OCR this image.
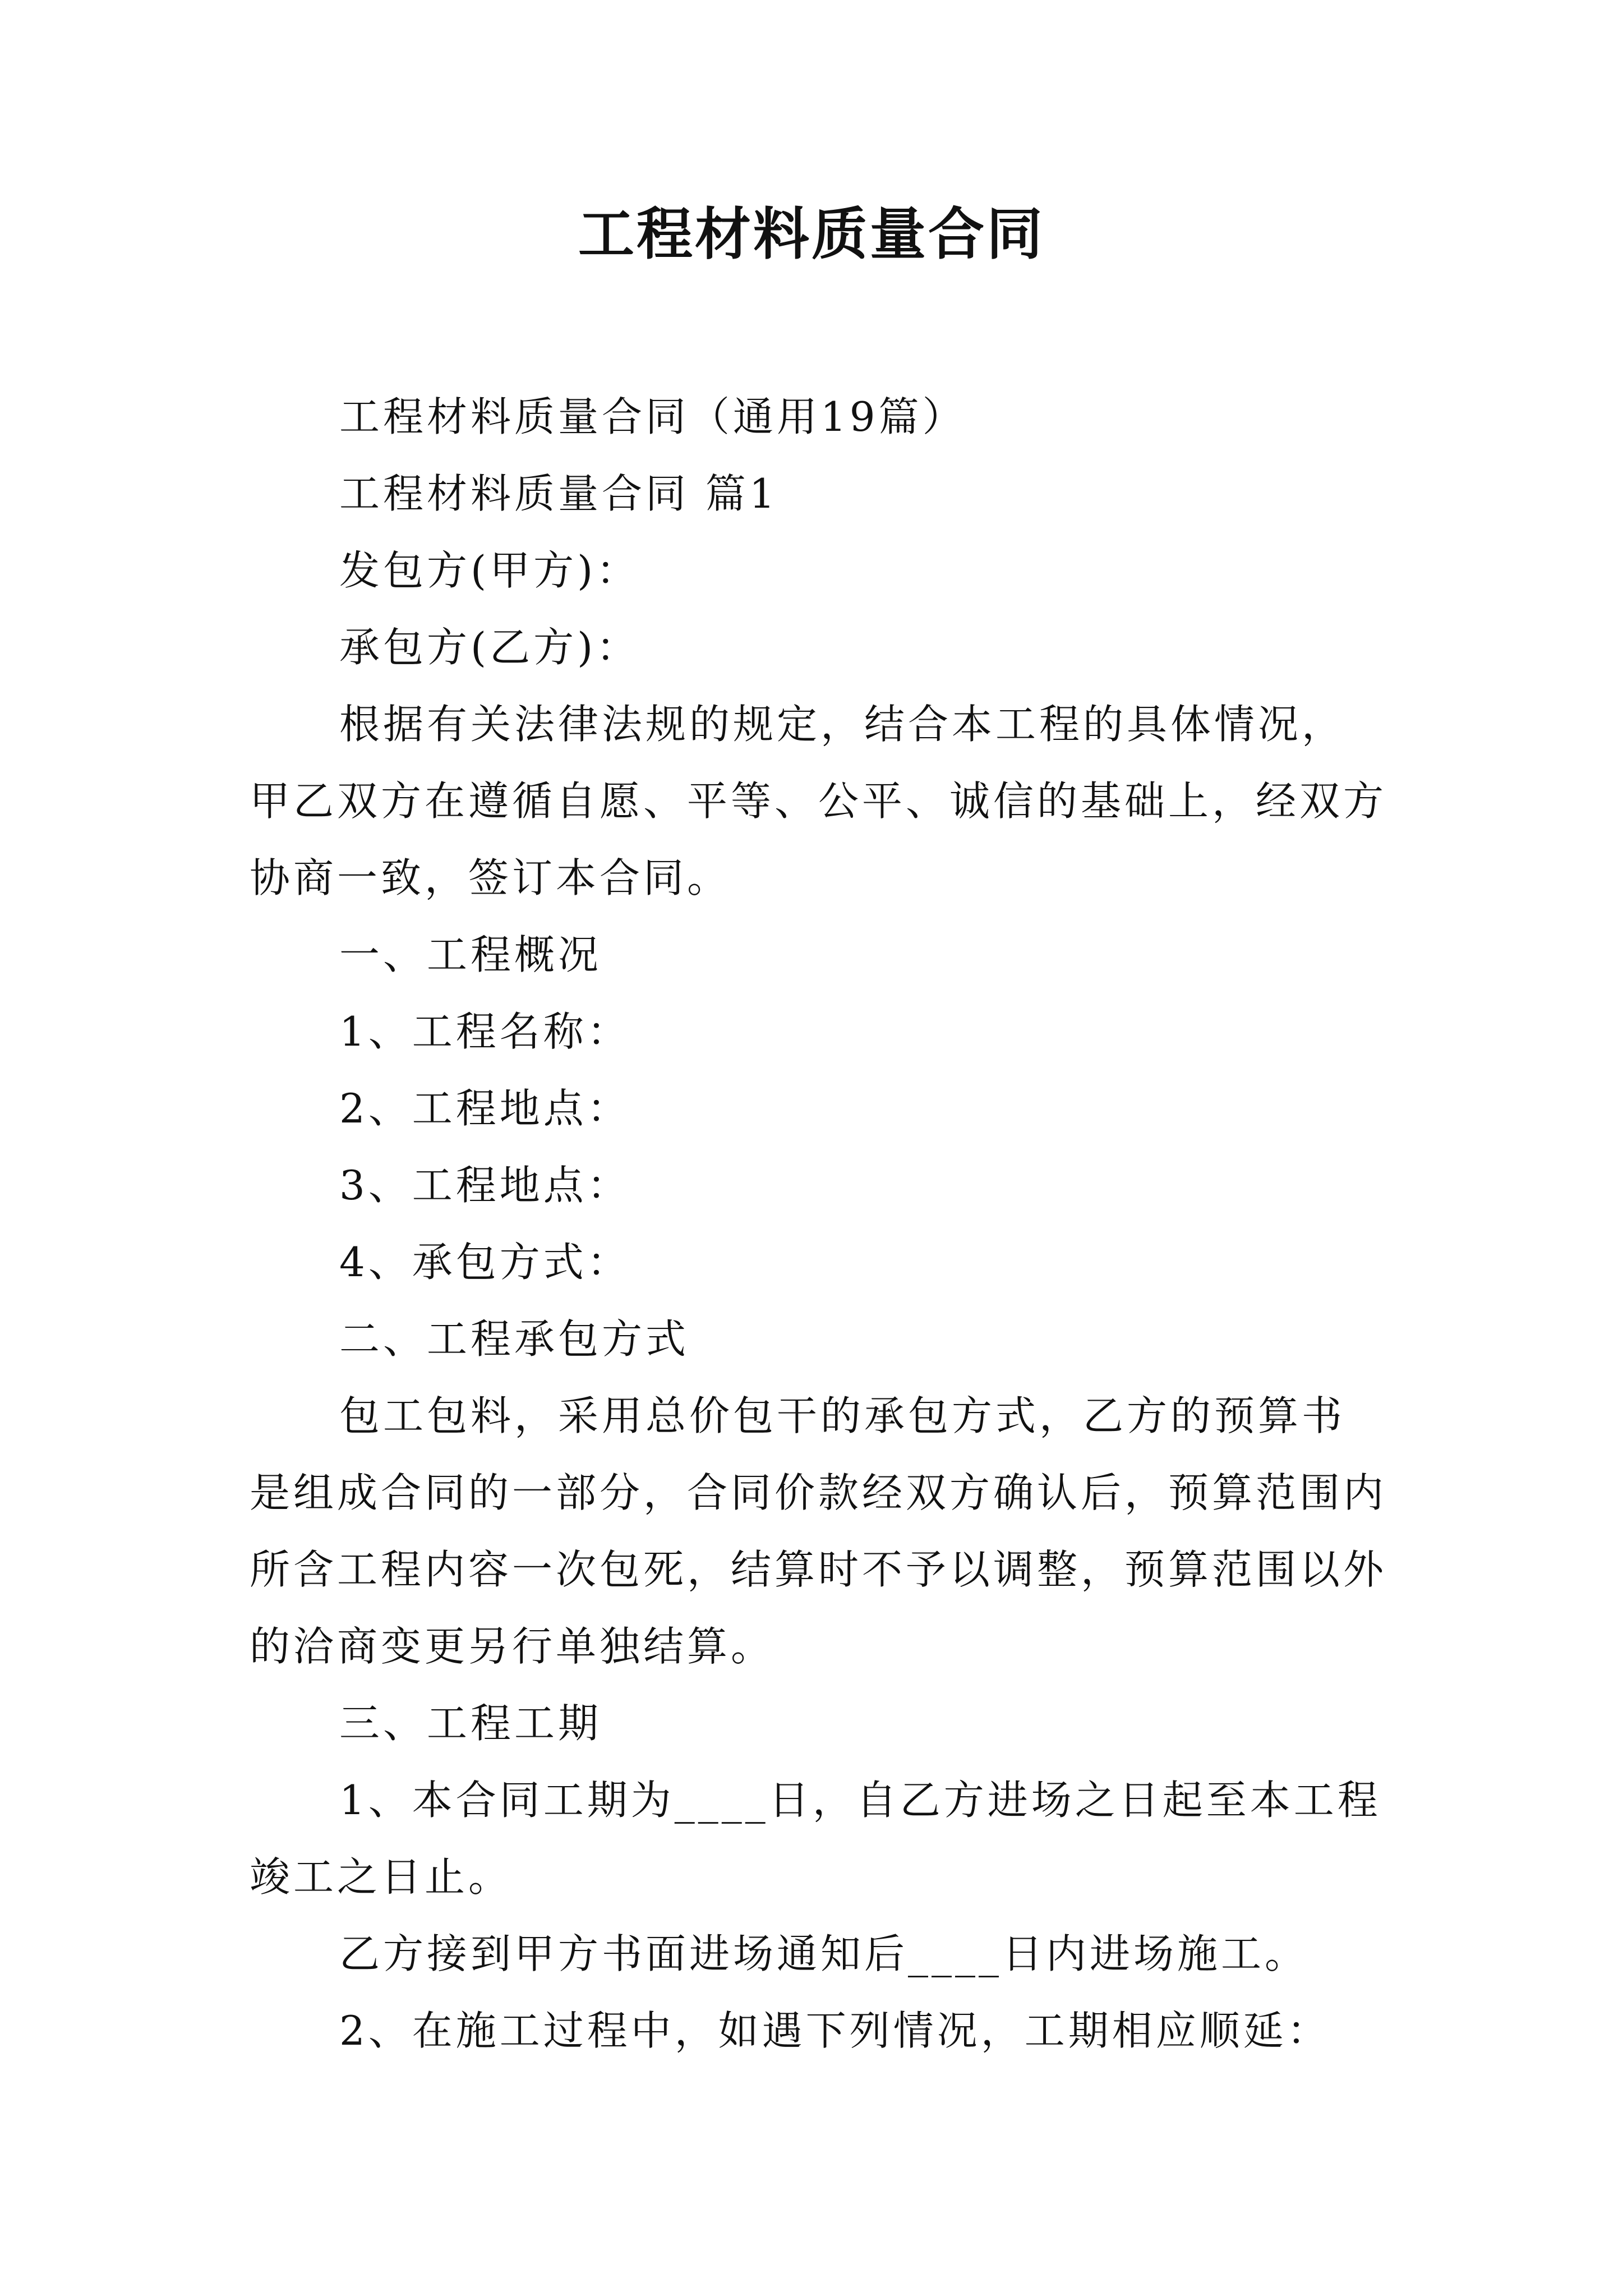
工程材料质量合同

工程材料质量合同（通用19篇）

工程材料质量合同 篇1

发包方(甲方)：

承包方(乙方)：

根据有关法律法规的规定，结合本工程的具体情况，甲乙双方在遵循自愿、平等、公平、诚信的基础上，经双方协商一致，签订本合同。

一、工程概况

1、工程名称：

2、工程地点：

3、工程地点：

4、承包方式：

二、工程承包方式

包工包料，采用总价包干的承包方式，乙方的预算书是组成合同的一部分，合同价款经双方确认后，预算范围内所含工程内容一次包死，结算时不予以调整，预算范围以外的洽商变更另行单独结算。

三、工程工期

1、本合同工期为____日，自乙方进场之日起至本工程竣工之日止。

乙方接到甲方书面进场通知后____日内进场施工。

2、在施工过程中，如遇下列情况，工期相应顺延：
